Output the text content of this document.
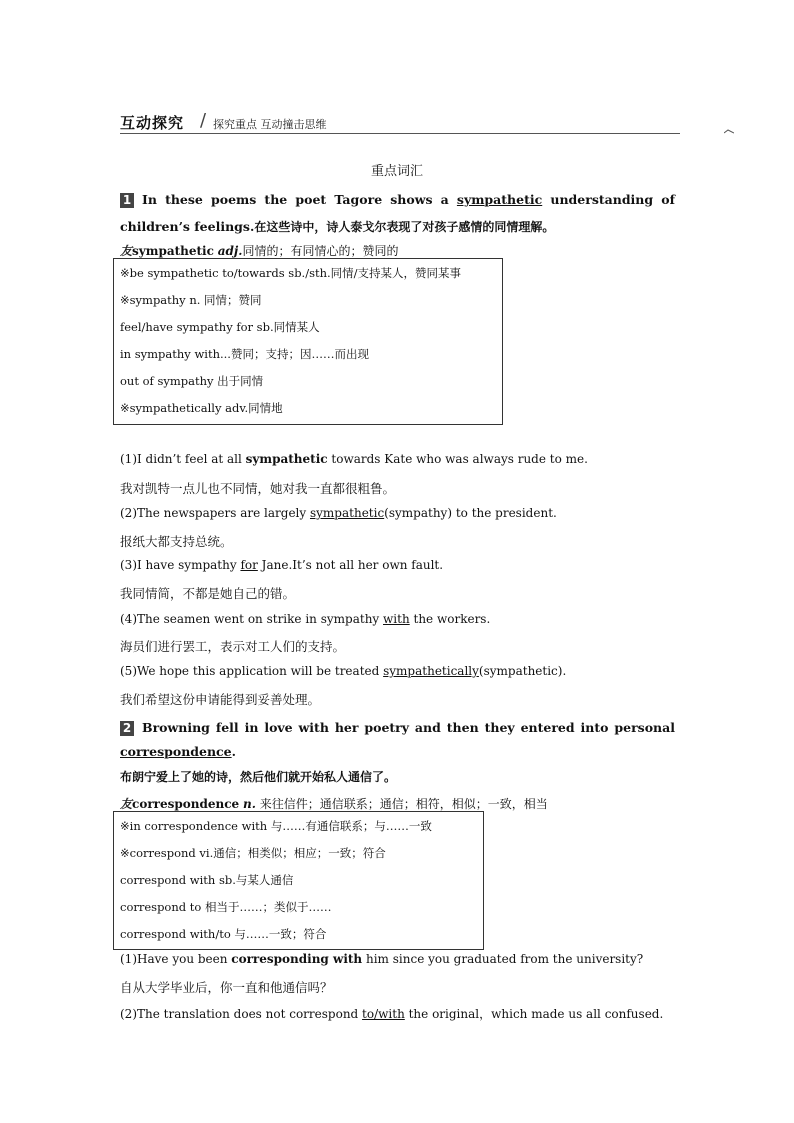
互动探究 / 探究重点 互动撞击思维
重点词汇
1 In these poems the poet Tagore shows a sympathetic understanding of children’s feelings.在这些诗中，诗人泰戈尔表现了对孩子感情的同情理解。
友sympathetic adj.同情的；有同情心的；赞同的
※be sympathetic to/towards sb./sth.同情/支持某人，赞同某事
※sympathy n. 同情；赞同
feel/have sympathy for sb.同情某人
in sympathy with...赞同；支持；因……而出现
out of sympathy 出于同情
※sympathetically adv.同情地
(1)I didn’t feel at all sympathetic towards Kate who was always rude to me.
我对凯特一点儿也不同情，她对我一直都很粗鲁。
(2)The newspapers are largely sympathetic(sympathy) to the president.
报纸大都支持总统。
(3)I have sympathy for Jane.It’s not all her own fault.
我同情简，不都是她自己的错。
(4)The seamen went on strike in sympathy with the workers.
海员们进行罢工，表示对工人们的支持。
(5)We hope this application will be treated sympathetically(sympathetic).
我们希望这份申请能得到妥善处理。
2 Browning fell in love with her poetry and then they entered into personal correspondence.
布朗宁爱上了她的诗，然后他们就开始私人通信了。
友correspondence n. 来往信件；通信联系；通信；相符，相似；一致，相当
※in correspondence with 与……有通信联系；与……一致
※correspond vi.通信；相类似；相应；一致；符合
correspond with sb.与某人通信
correspond to 相当于……；类似于……
correspond with/to 与……一致；符合
(1)Have you been corresponding with him since you graduated from the university?
自从大学毕业后，你一直和他通信吗？
(2)The translation does not correspond to/with the original，which made us all confused.
